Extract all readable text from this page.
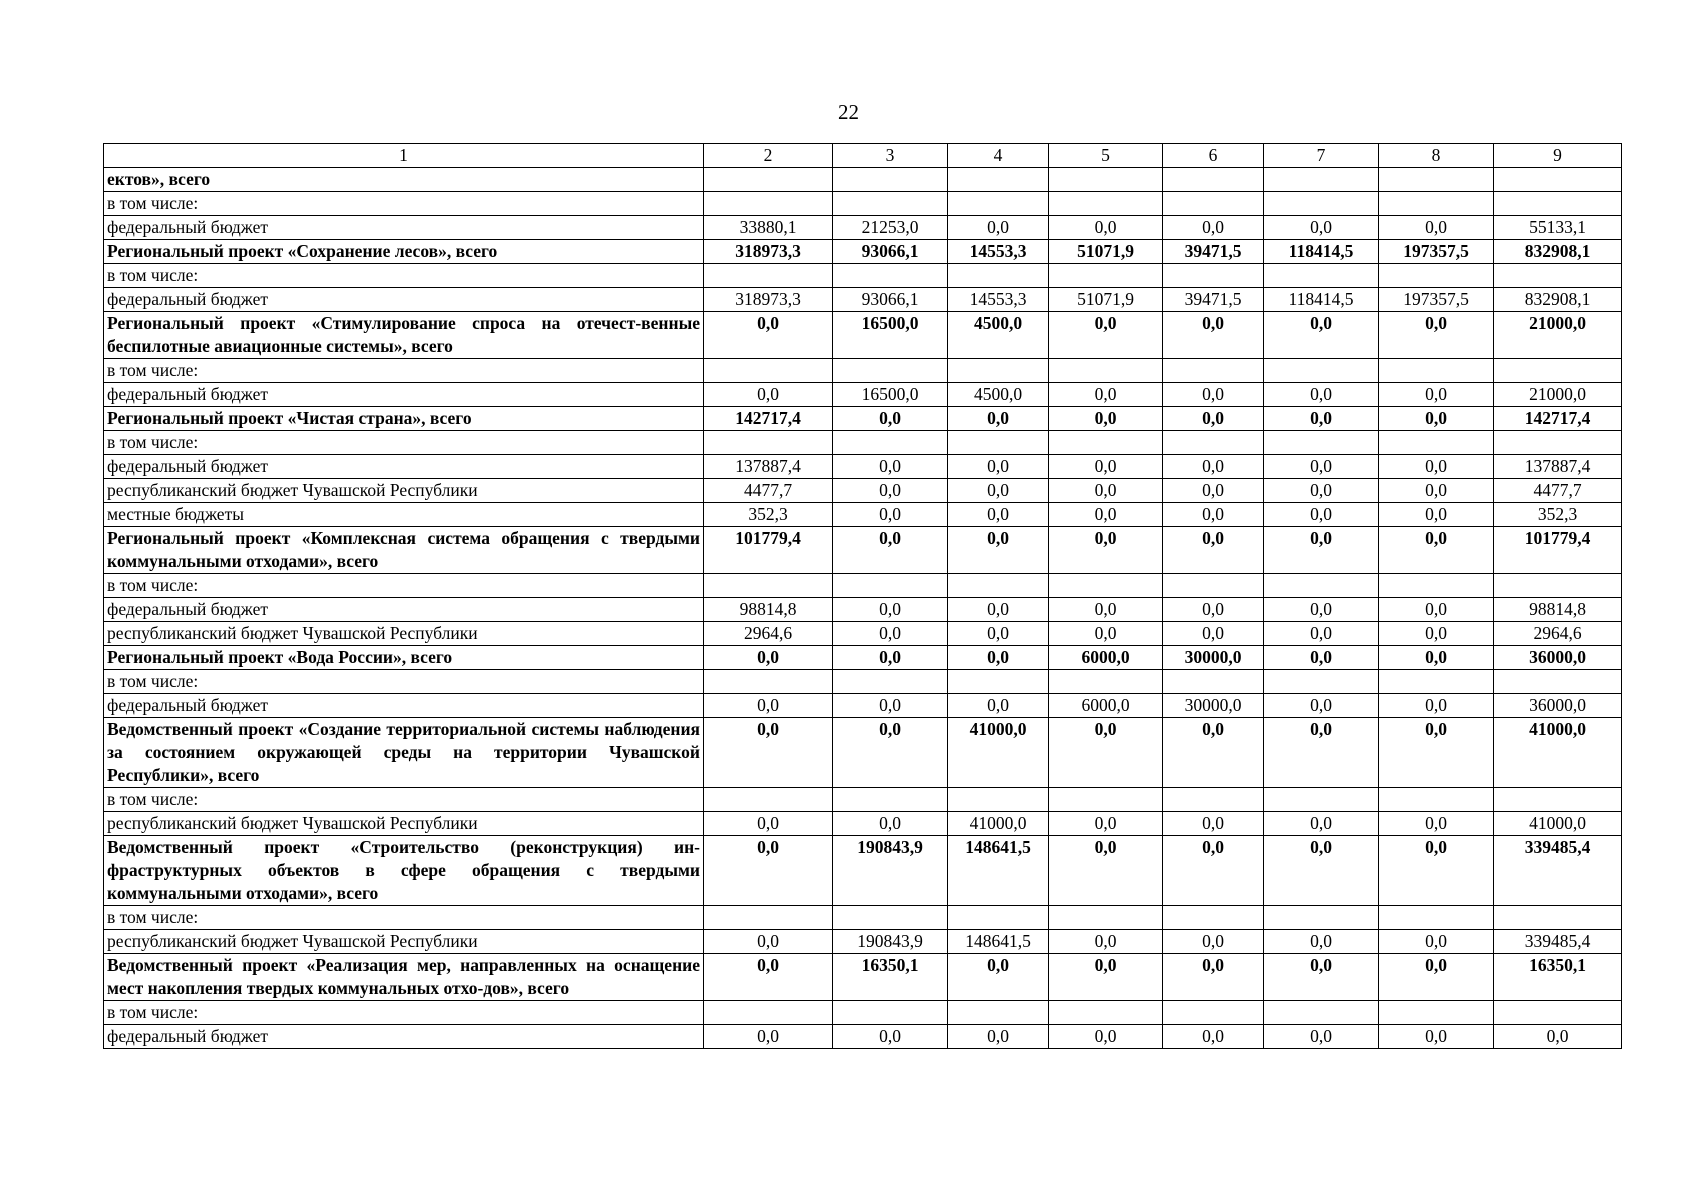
22
1	2	3	4	5	6	7	8	9
ектов», всего								
в том числе:								
федеральный бюджет	33880,1	21253,0	0,0	0,0	0,0	0,0	0,0	55133,1
Региональный проект «Сохранение лесов», всего	318973,3	93066,1	14553,3	51071,9	39471,5	118414,5	197357,5	832908,1
в том числе:								
федеральный бюджет	318973,3	93066,1	14553,3	51071,9	39471,5	118414,5	197357,5	832908,1
Региональный проект «Стимулирование спроса на отечест-венные беспилотные авиационные системы», всего	0,0	16500,0	4500,0	0,0	0,0	0,0	0,0	21000,0
в том числе:								
федеральный бюджет	0,0	16500,0	4500,0	0,0	0,0	0,0	0,0	21000,0
Региональный проект «Чистая страна», всего	142717,4	0,0	0,0	0,0	0,0	0,0	0,0	142717,4
в том числе:								
федеральный бюджет	137887,4	0,0	0,0	0,0	0,0	0,0	0,0	137887,4
республиканский бюджет Чувашской Республики	4477,7	0,0	0,0	0,0	0,0	0,0	0,0	4477,7
местные бюджеты	352,3	0,0	0,0	0,0	0,0	0,0	0,0	352,3
Региональный проект «Комплексная система обращения с твердыми коммунальными отходами», всего	101779,4	0,0	0,0	0,0	0,0	0,0	0,0	101779,4
в том числе:								
федеральный бюджет	98814,8	0,0	0,0	0,0	0,0	0,0	0,0	98814,8
республиканский бюджет Чувашской Республики	2964,6	0,0	0,0	0,0	0,0	0,0	0,0	2964,6
Региональный проект «Вода России», всего	0,0	0,0	0,0	6000,0	30000,0	0,0	0,0	36000,0
в том числе:								
федеральный бюджет	0,0	0,0	0,0	6000,0	30000,0	0,0	0,0	36000,0
Ведомственный проект «Создание территориальной системы наблюдения за состоянием окружающей среды на территории Чувашской Республики», всего	0,0	0,0	41000,0	0,0	0,0	0,0	0,0	41000,0
в том числе:								
республиканский бюджет Чувашской Республики	0,0	0,0	41000,0	0,0	0,0	0,0	0,0	41000,0
Ведомственный проект «Строительство (реконструкция) ин-фраструктурных объектов в сфере обращения с твердыми коммунальными отходами», всего	0,0	190843,9	148641,5	0,0	0,0	0,0	0,0	339485,4
в том числе:								
республиканский бюджет Чувашской Республики	0,0	190843,9	148641,5	0,0	0,0	0,0	0,0	339485,4
Ведомственный проект «Реализация мер, направленных на оснащение мест накопления твердых коммунальных отхо-дов», всего	0,0	16350,1	0,0	0,0	0,0	0,0	0,0	16350,1
в том числе:								
федеральный бюджет	0,0	0,0	0,0	0,0	0,0	0,0	0,0	0,0
